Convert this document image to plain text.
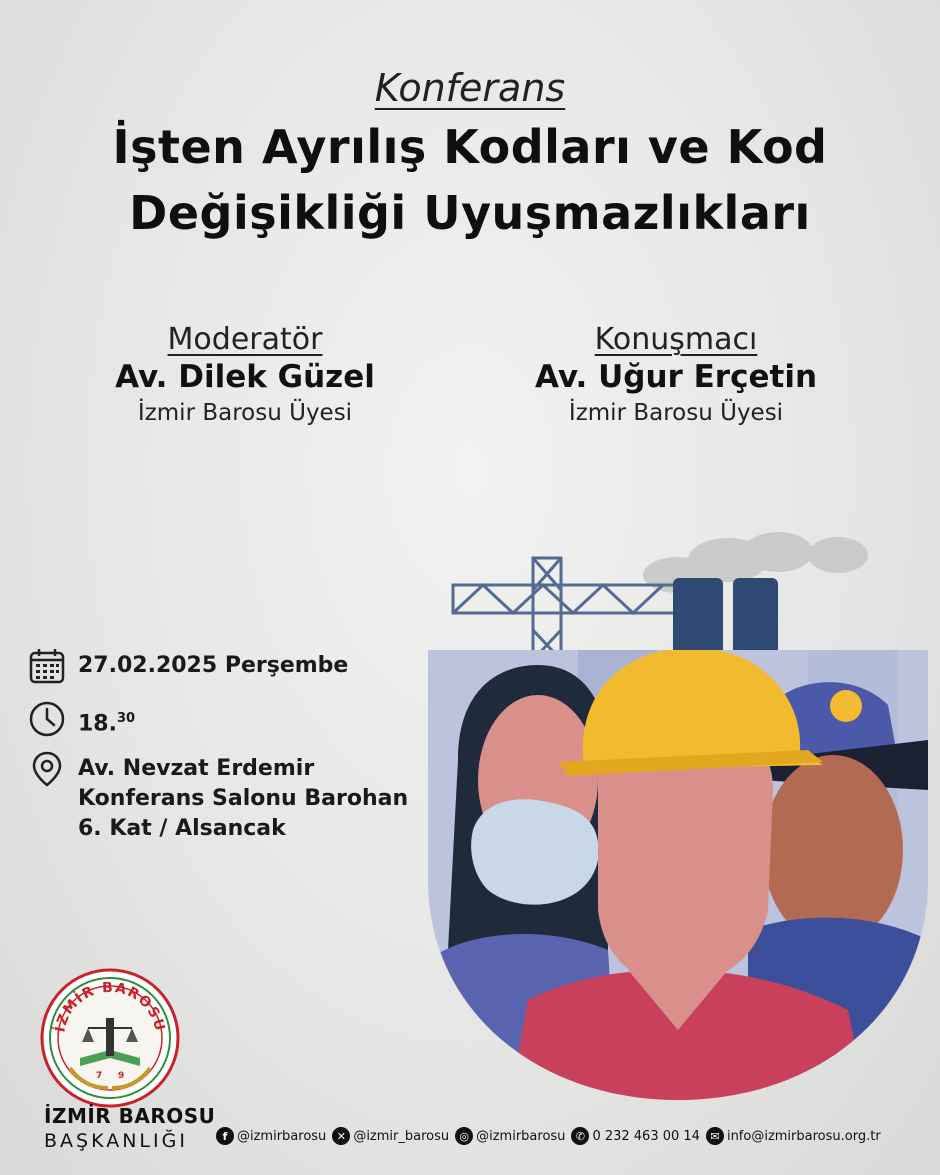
Konferans
İşten Ayrılış Kodları ve Kod
Değişikliği Uyuşmazlıkları
Moderatör
Av. Dilek Güzel
İzmir Barosu Üyesi
Konuşmacı
Av. Uğur Erçetin
İzmir Barosu Üyesi
27.02.2025 Perşembe
18.30
Av. Nevzat Erdemir
Konferans Salonu Barohan
6. Kat / Alsancak
İZMİR BAROSU
7 9
İZMİR BAROSU
BAŞKANLIĞI	f @izmirbarosu ✕ @izmir_barosu ◎ @izmirbarosu ✆ 0 232 463 00 14 ✉ info@izmirbarosu.org.tr
